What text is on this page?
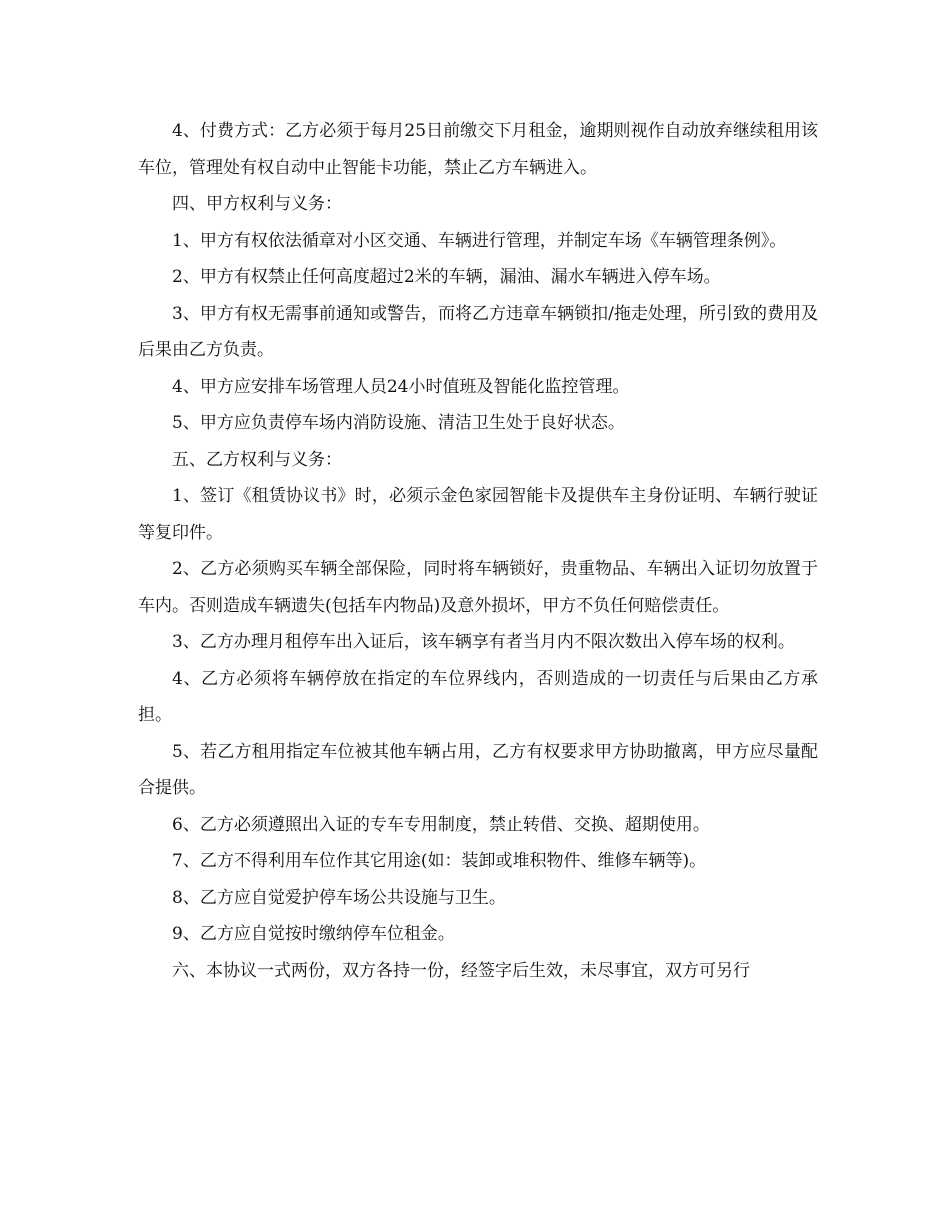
4、付费方式：乙方必须于每月25日前缴交下月租金，逾期则视作自动放弃继续租用该车位，管理处有权自动中止智能卡功能，禁止乙方车辆进入。

四、甲方权利与义务：

1、甲方有权依法循章对小区交通、车辆进行管理，并制定车场《车辆管理条例》。

2、甲方有权禁止任何高度超过2米的车辆，漏油、漏水车辆进入停车场。

3、甲方有权无需事前通知或警告，而将乙方违章车辆锁扣/拖走处理，所引致的费用及后果由乙方负责。

4、甲方应安排车场管理人员24小时值班及智能化监控管理。

5、甲方应负责停车场内消防设施、清洁卫生处于良好状态。

五、乙方权利与义务：

1、签订《租赁协议书》时，必须示金色家园智能卡及提供车主身份证明、车辆行驶证等复印件。

2、乙方必须购买车辆全部保险，同时将车辆锁好，贵重物品、车辆出入证切勿放置于车内。否则造成车辆遗失(包括车内物品)及意外损坏，甲方不负任何赔偿责任。

3、乙方办理月租停车出入证后，该车辆享有者当月内不限次数出入停车场的权利。

4、乙方必须将车辆停放在指定的车位界线内，否则造成的一切责任与后果由乙方承担。

5、若乙方租用指定车位被其他车辆占用，乙方有权要求甲方协助撤离，甲方应尽量配合提供。

6、乙方必须遵照出入证的专车专用制度，禁止转借、交换、超期使用。

7、乙方不得利用车位作其它用途(如：装卸或堆积物件、维修车辆等)。

8、乙方应自觉爱护停车场公共设施与卫生。

9、乙方应自觉按时缴纳停车位租金。

六、本协议一式两份，双方各持一份，经签字后生效，未尽事宜，双方可另行
